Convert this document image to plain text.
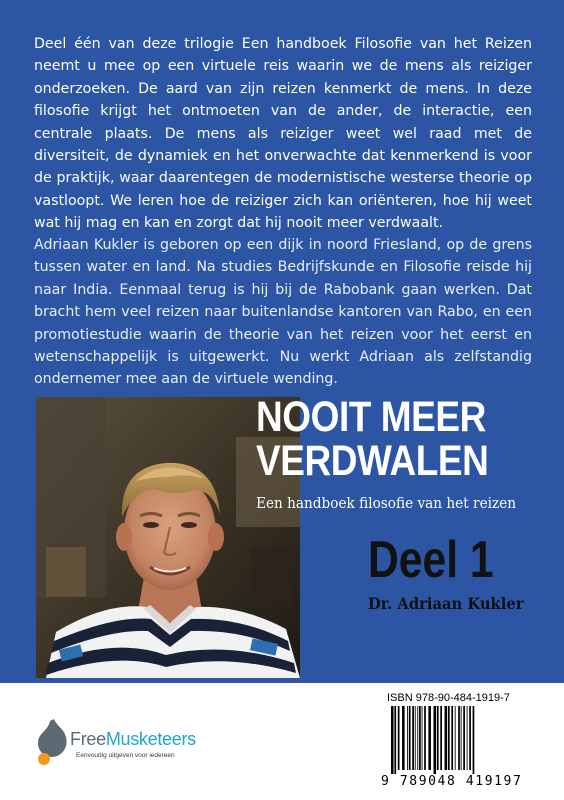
Deel één van deze trilogie Een handboek Filosofie van het Reizen neemt u mee op een virtuele reis waarin we de mens als reiziger onderzoeken. De aard van zijn reizen kenmerkt de mens. In deze filosofie krijgt het ontmoeten van de ander, de interactie, een centrale plaats. De mens als reiziger weet wel raad met de diversiteit, de dynamiek en het onverwachte dat kenmerkend is voor de praktijk, waar daarentegen de modernistische westerse theorie op vastloopt. We leren hoe de reiziger zich kan oriënteren, hoe hij weet wat hij mag en kan en zorgt dat hij nooit meer verdwaalt.

Adriaan Kukler is geboren op een dijk in noord Friesland, op de grens tussen water en land. Na studies Bedrijfskunde en Filosofie reisde hij naar India. Eenmaal terug is hij bij de Rabobank gaan werken. Dat bracht hem veel reizen naar buitenlandse kantoren van Rabo, en een promotiestudie waarin de theorie van het reizen voor het eerst en wetenschappelijk is uitgewerkt. Nu werkt Adriaan als zelfstandig ondernemer mee aan de virtuele wending.

NOOIT MEER
VERDWALEN

Een handboek filosofie van het reizen

Deel 1

Dr. Adriaan Kukler

FreeMusketeers
Eenvoudig uitgeven voor iedereen
ISBN 978-90-484-1919-7
9 789048 419197
